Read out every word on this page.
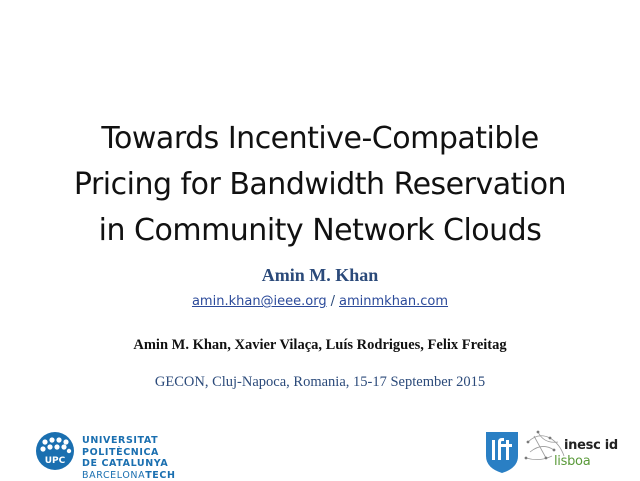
Towards Incentive-Compatible
Pricing for Bandwidth Reservation
in Community Network Clouds
Amin M. Khan
amin.khan@ieee.org / aminmkhan.com
Amin M. Khan, Xavier Vilaça, Luís Rodrigues, Felix Freitag
GECON, Cluj-Napoca, Romania, 15-17 September 2015
UPC
UNIVERSITAT POLITÈCNICA
DE CATALUNYA
BARCELONATECH
inesc id
lisboa
